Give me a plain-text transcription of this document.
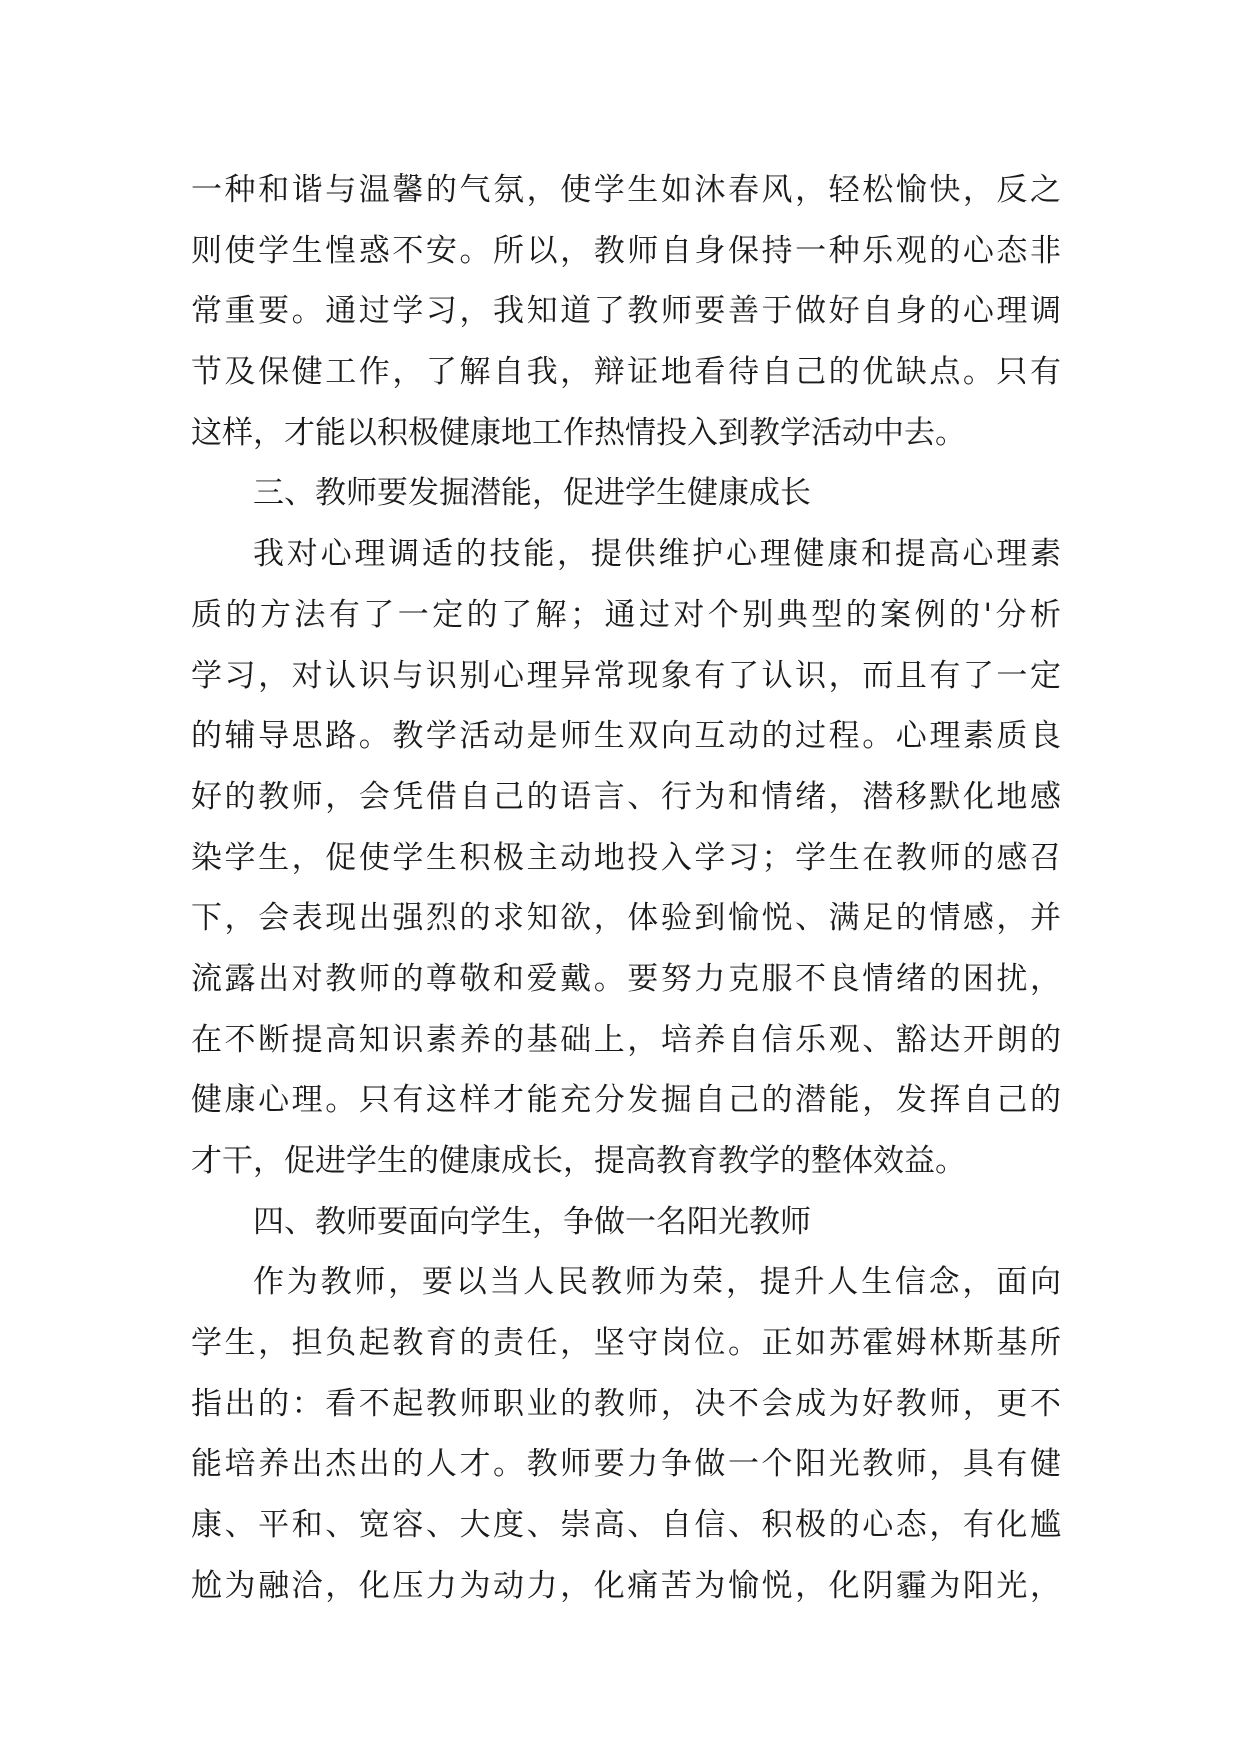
一种和谐与温馨的气氛，使学生如沐春风，轻松愉快，反之
则使学生惶惑不安。所以，教师自身保持一种乐观的心态非
常重要。通过学习，我知道了教师要善于做好自身的心理调
节及保健工作，了解自我，辩证地看待自己的优缺点。只有
这样，才能以积极健康地工作热情投入到教学活动中去。
三、教师要发掘潜能，促进学生健康成长
我对心理调适的技能，提供维护心理健康和提高心理素
质的方法有了一定的了解；通过对个别典型的案例的'分析
学习，对认识与识别心理异常现象有了认识，而且有了一定
的辅导思路。教学活动是师生双向互动的过程。心理素质良
好的教师，会凭借自己的语言、行为和情绪，潜移默化地感
染学生，促使学生积极主动地投入学习；学生在教师的感召
下，会表现出强烈的求知欲，体验到愉悦、满足的情感，并
流露出对教师的尊敬和爱戴。要努力克服不良情绪的困扰，
在不断提高知识素养的基础上，培养自信乐观、豁达开朗的
健康心理。只有这样才能充分发掘自己的潜能，发挥自己的
才干，促进学生的健康成长，提高教育教学的整体效益。
四、教师要面向学生，争做一名阳光教师
作为教师，要以当人民教师为荣，提升人生信念，面向
学生，担负起教育的责任，坚守岗位。正如苏霍姆林斯基所
指出的：看不起教师职业的教师，决不会成为好教师，更不
能培养出杰出的人才。教师要力争做一个阳光教师，具有健
康、平和、宽容、大度、崇高、自信、积极的心态，有化尴
尬为融洽，化压力为动力，化痛苦为愉悦，化阴霾为阳光，
